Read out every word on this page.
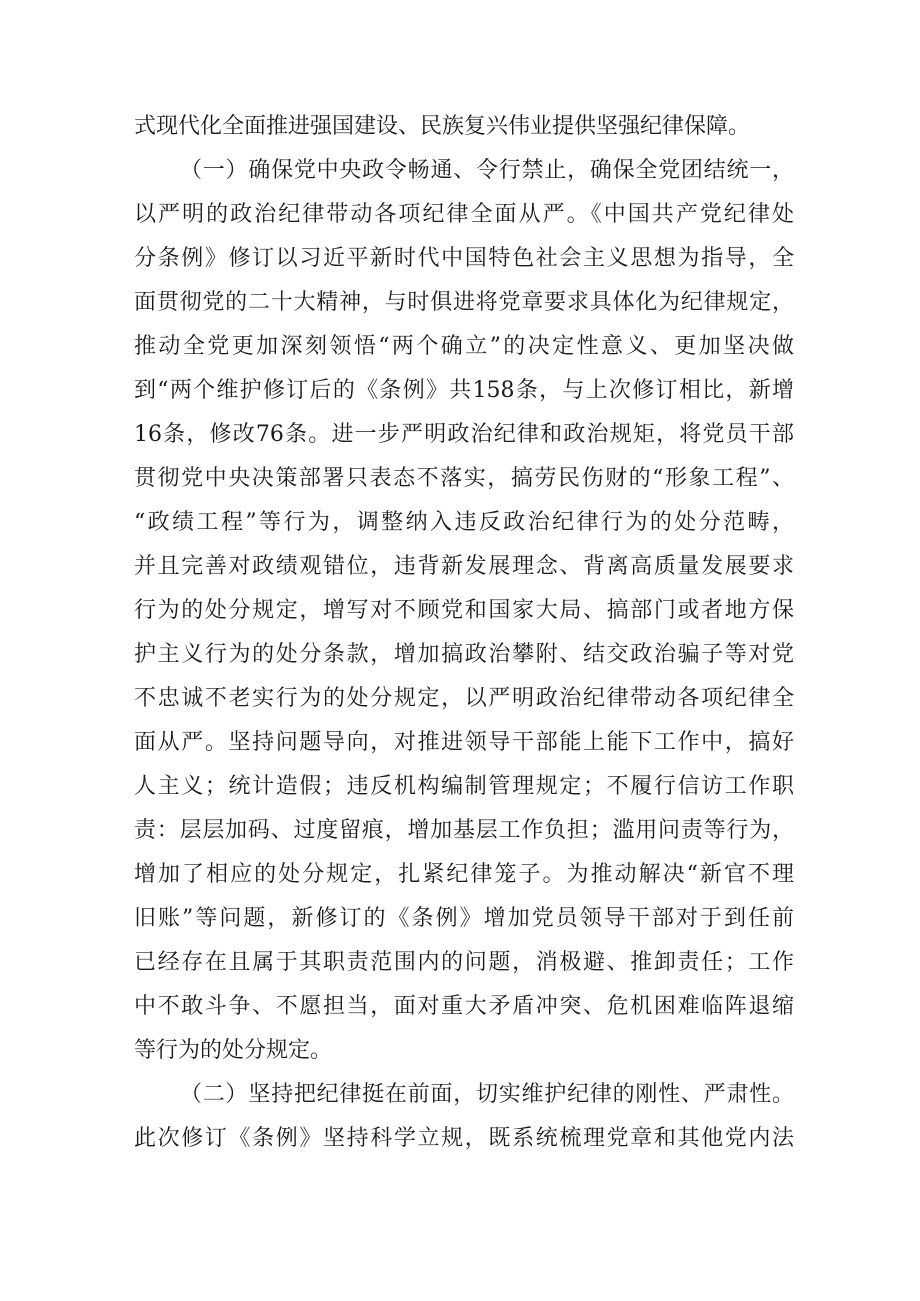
式现代化全面推进强国建设、民族复兴伟业提供坚强纪律保障。
（一）确保党中央政令畅通、令行禁止，确保全党团结统一，
以严明的政治纪律带动各项纪律全面从严。《中国共产党纪律处
分条例》修订以习近平新时代中国特色社会主义思想为指导，全
面贯彻党的二十大精神，与时俱进将党章要求具体化为纪律规定，
推动全党更加深刻领悟“两个确立”的决定性意义、更加坚决做
到“两个维护修订后的《条例》共158条，与上次修订相比，新增
16条，修改76条。进一步严明政治纪律和政治规矩，将党员干部
贯彻党中央决策部署只表态不落实，搞劳民伤财的“形象工程”、
“政绩工程”等行为，调整纳入违反政治纪律行为的处分范畴，
并且完善对政绩观错位，违背新发展理念、背离高质量发展要求
行为的处分规定，增写对不顾党和国家大局、搞部门或者地方保
护主义行为的处分条款，增加搞政治攀附、结交政治骗子等对党
不忠诚不老实行为的处分规定，以严明政治纪律带动各项纪律全
面从严。坚持问题导向，对推进领导干部能上能下工作中，搞好
人主义；统计造假；违反机构编制管理规定；不履行信访工作职
责：层层加码、过度留痕，增加基层工作负担；滥用问责等行为，
增加了相应的处分规定，扎紧纪律笼子。为推动解决“新官不理
旧账”等问题，新修订的《条例》增加党员领导干部对于到任前
已经存在且属于其职责范围内的问题，消极避、推卸责任；工作
中不敢斗争、不愿担当，面对重大矛盾冲突、危机困难临阵退缩
等行为的处分规定。
（二）坚持把纪律挺在前面，切实维护纪律的刚性、严肃性。
此次修订《条例》坚持科学立规，既系统梳理党章和其他党内法
